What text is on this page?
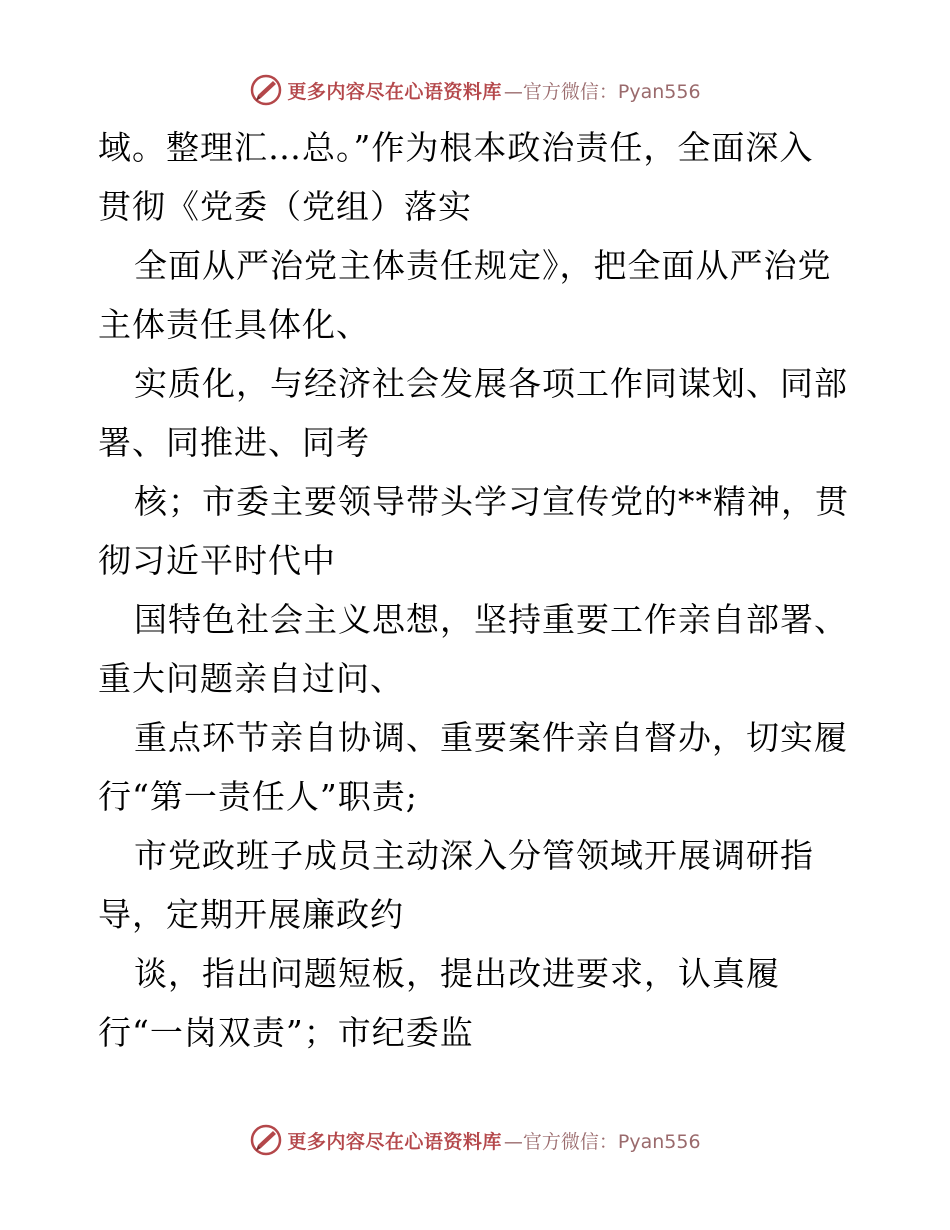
更多内容尽在心语资料库 —官方微信：Pyan556
域。整理汇…总。”作为根本政治责任，全面深入
贯彻《党委（党组）落实
全面从严治党主体责任规定》，把全面从严治党
主体责任具体化、
实质化，与经济社会发展各项工作同谋划、同部
署、同推进、同考
核；市委主要领导带头学习宣传党的**精神，贯
彻习近平时代中
国特色社会主义思想，坚持重要工作亲自部署、
重大问题亲自过问、
重点环节亲自协调、重要案件亲自督办，切实履
行“第一责任人”职责;
市党政班子成员主动深入分管领域开展调研指
导，定期开展廉政约
谈，指出问题短板，提出改进要求，认真履
行“一岗双责”；市纪委监
更多内容尽在心语资料库 —官方微信：Pyan556
